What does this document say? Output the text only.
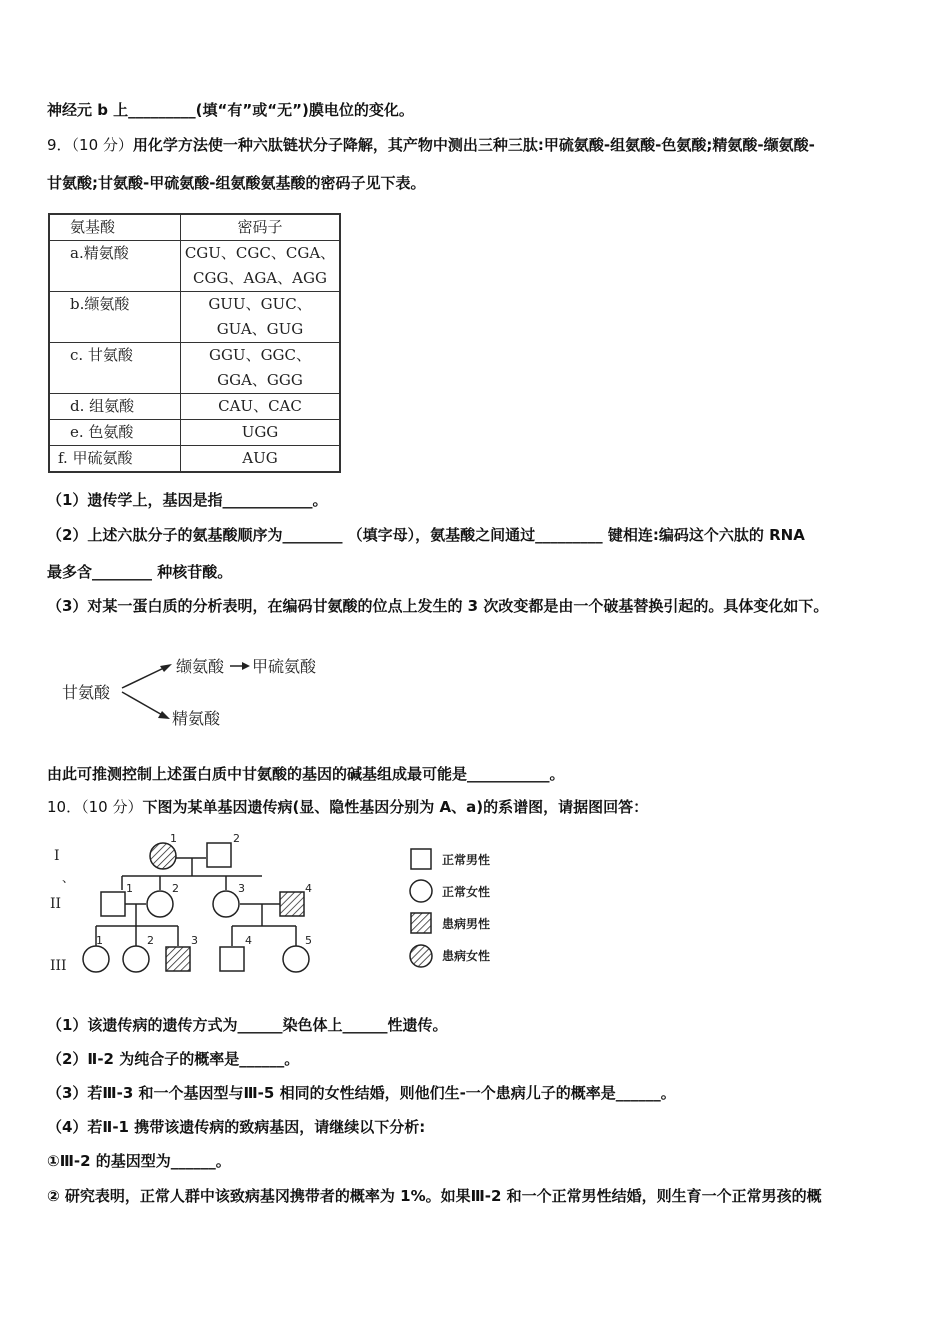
神经元 b 上_________(填“有”或“无”)膜电位的变化。
9．（10 分）用化学方法使一种六肽链状分子降解，其产物中测出三种三肽:甲硫氨酸-组氨酸-色氨酸;精氨酸-缬氨酸-
甘氨酸;甘氨酸-甲硫氨酸-组氨酸氨基酸的密码子见下表。
氨基酸	密码子
a.精氨酸	CGU、CGC、CGA、
CGG、AGA、AGG

b.缬氨酸	GUU、GUC、
GUA、GUG

c. 甘氨酸	GGU、GGC、
GGA、GGG

d. 组氨酸	CAU、CAC
e. 色氨酸	UGG
f. 甲硫氨酸	AUG
（1）遗传学上，基因是指____________。
（2）上述六肽分子的氨基酸顺序为________ （填字母），氨基酸之间通过_________ 键相连:编码这个六肽的 RNA
最多含________ 种核苷酸。
（3）对某一蛋白质的分析表明，在编码甘氨酸的位点上发生的 3 次改变都是由一个破基替换引起的。具体变化如下。
甘氨酸
缬氨酸 甲硫氨酸
精氨酸
由此可推测控制上述蛋白质中甘氨酸的基因的碱基组成最可能是___________。
10．（10 分）下图为某单基因遗传病(显、隐性基因分别为 A、a)的系谱图，请据图回答：
I
、
II
III
1	2
1	2	3	4
1	2	3	4	5
正常男性
正常女性
患病男性
患病女性
（1）该遗传病的遗传方式为______染色体上______性遗传。
（2）Ⅱ-2 为纯合子的概率是______。
（3）若Ⅲ-3 和一个基因型与Ⅲ-5 相同的女性结婚，则他们生-一个患病儿子的概率是______。
（4）若Ⅱ-1 携带该遗传病的致病基因，请继续以下分析:
①Ⅲ-2 的基因型为______。
② 研究表明，正常人群中该致病基冈携带者的概率为 1%。如果Ⅲ-2 和一个正常男性结婚，则生育一个正常男孩的概
